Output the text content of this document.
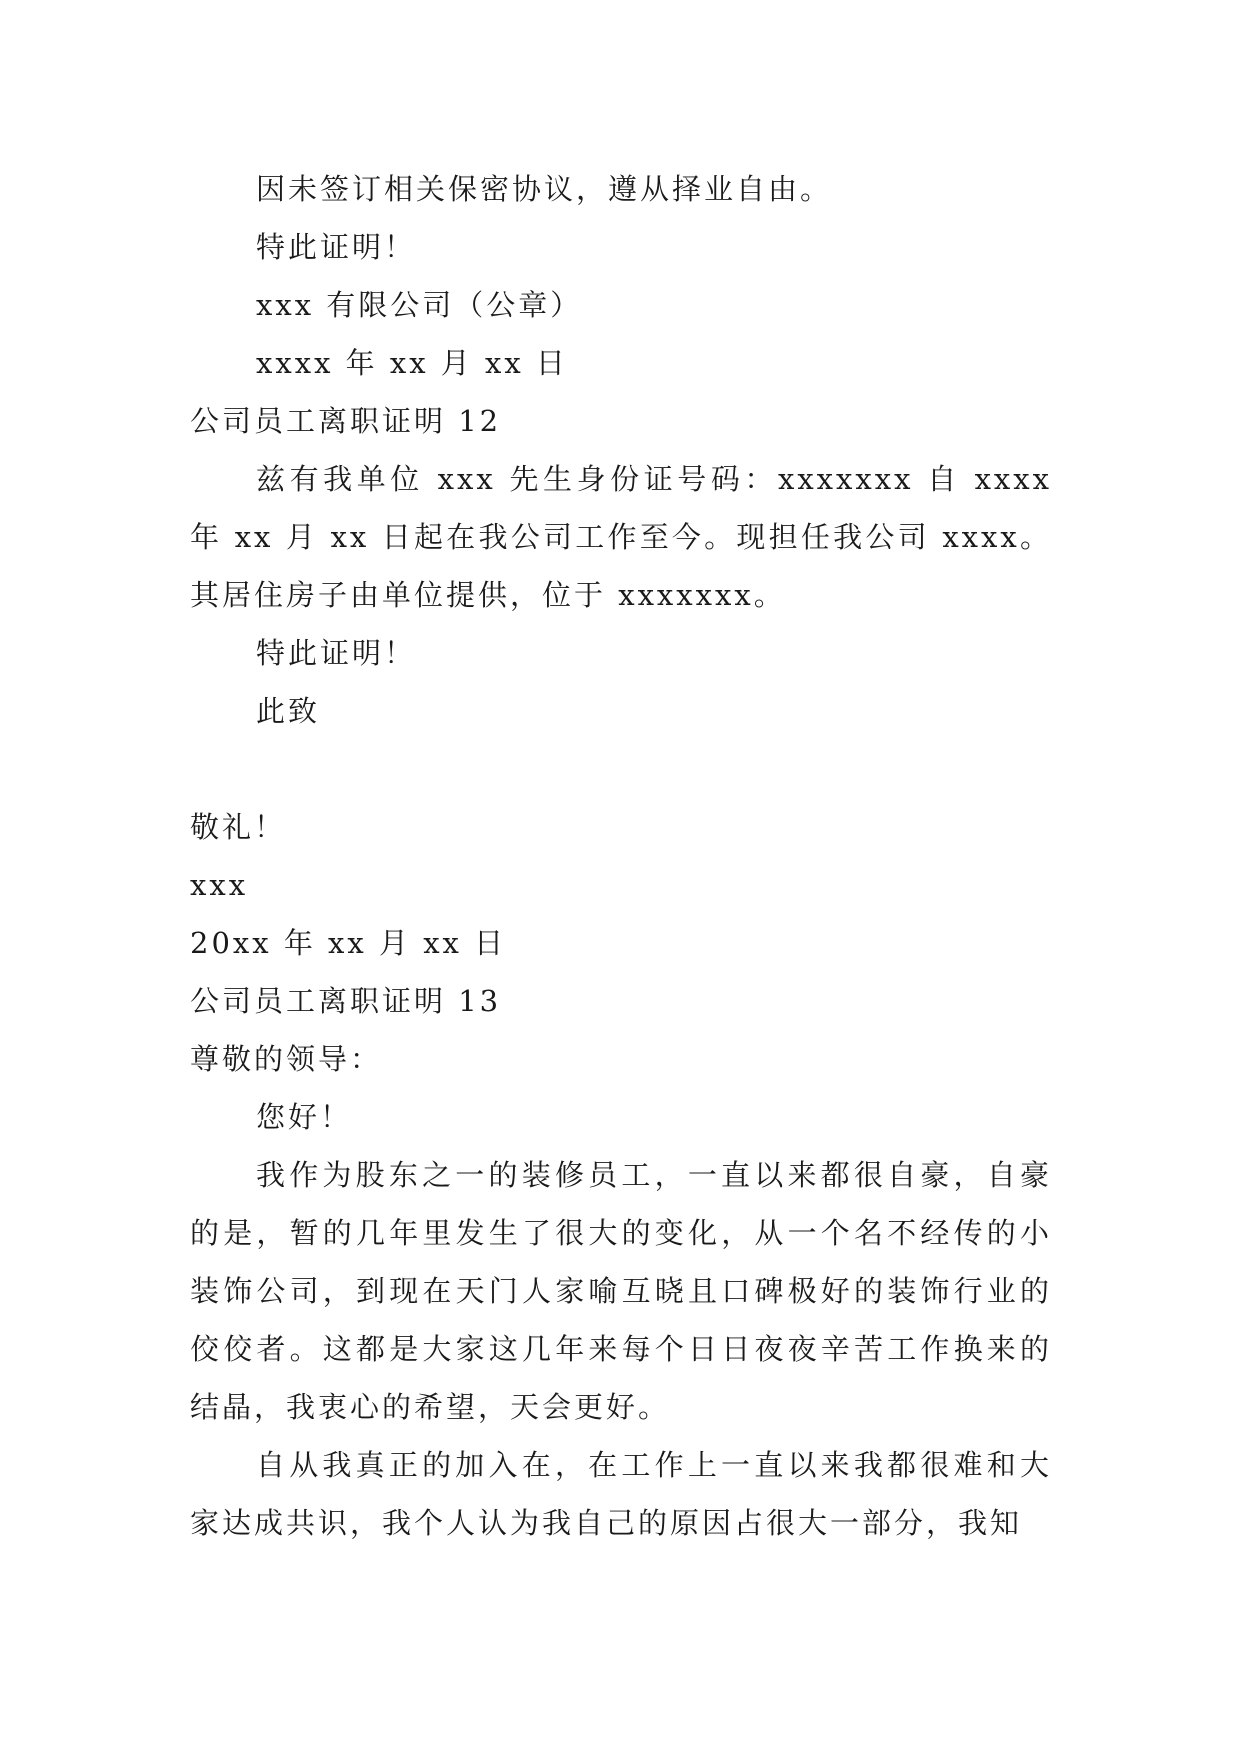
因未签订相关保密协议，遵从择业自由。

特此证明！

xxx 有限公司（公章）

xxxx 年 xx 月 xx 日

公司员工离职证明 12

兹有我单位 xxx 先生身份证号码：xxxxxxx 自 xxxx 年 xx 月 xx 日起在我公司工作至今。现担任我公司 xxxx。其居住房子由单位提供，位于 xxxxxxx。

特此证明！

此致

敬礼！

xxx

20xx 年 xx 月 xx 日

公司员工离职证明 13

尊敬的领导：

您好！

我作为股东之一的装修员工，一直以来都很自豪，自豪的是，暂的几年里发生了很大的变化，从一个名不经传的小装饰公司，到现在天门人家喻互晓且口碑极好的装饰行业的佼佼者。这都是大家这几年来每个日日夜夜辛苦工作换来的结晶，我衷心的希望，天会更好。

自从我真正的加入在，在工作上一直以来我都很难和大家达成共识，我个人认为我自己的原因占很大一部分，我知
